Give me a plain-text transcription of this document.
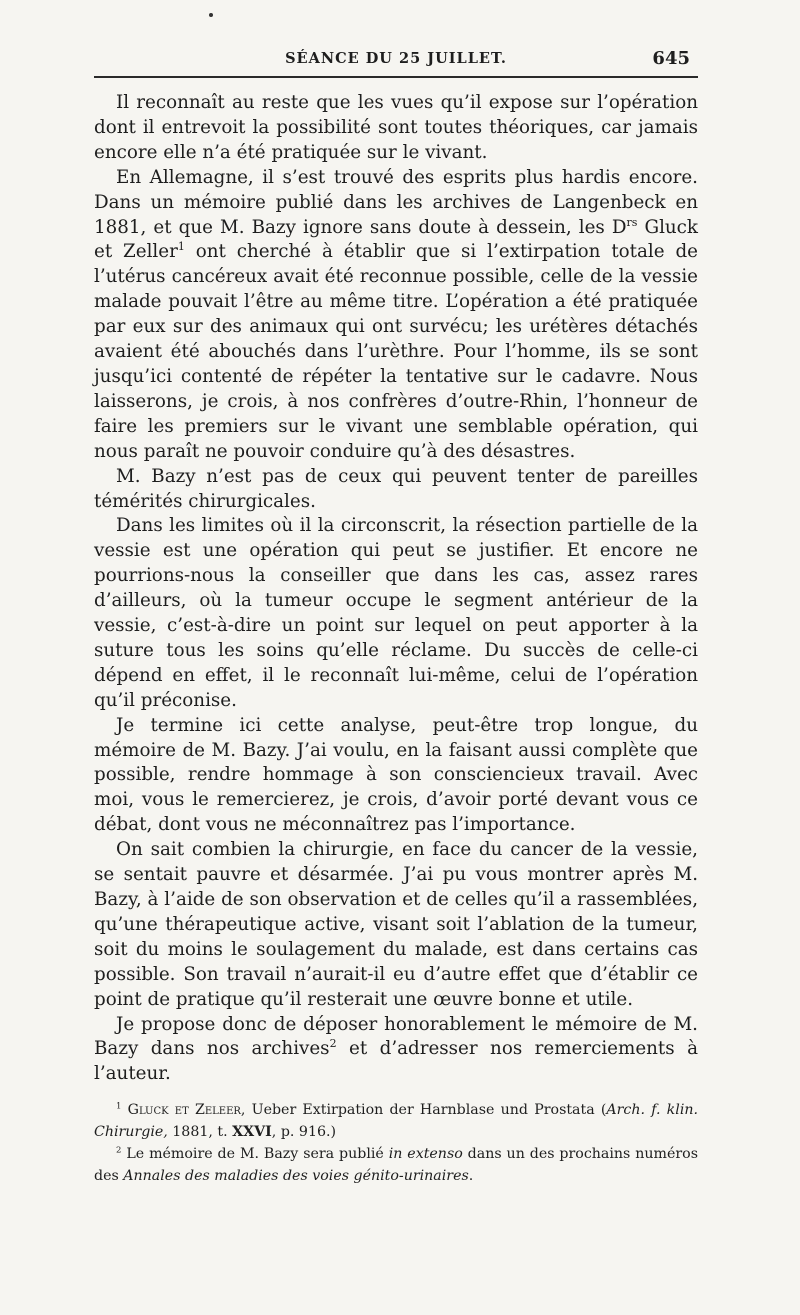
SÉANCE DU 25 JUILLET.	645

Il reconnaît au reste que les vues qu’il expose sur l’opération dont il entrevoit la possibilité sont toutes théoriques, car jamais encore elle n’a été pratiquée sur le vivant.

En Allemagne, il s’est trouvé des esprits plus hardis encore. Dans un mémoire publié dans les archives de Langenbeck en 1881, et que M. Bazy ignore sans doute à dessein, les $D^{rs}$ Gluck et Zeller$^1$ ont cherché à établir que si l’extirpation totale de l’utérus cancéreux avait été reconnue possible, celle de la vessie malade pouvait l’être au même titre. L’opération a été pratiquée par eux sur des animaux qui ont survécu; les urétères détachés avaient été abouchés dans l’urèthre. Pour l’homme, ils se sont jusqu’ici contenté de répéter la tentative sur le cadavre. Nous laisserons, je crois, à nos confrères d’outre-Rhin, l’honneur de faire les premiers sur le vivant une semblable opération, qui nous paraît ne pouvoir conduire qu’à des désastres.

M. Bazy n’est pas de ceux qui peuvent tenter de pareilles témérités chirurgicales.

Dans les limites où il la circonscrit, la résection partielle de la vessie est une opération qui peut se justifier. Et encore ne pourrions-nous la conseiller que dans les cas, assez rares d’ailleurs, où la tumeur occupe le segment antérieur de la vessie, c’est-à-dire un point sur lequel on peut apporter à la suture tous les soins qu’elle réclame. Du succès de celle-ci dépend en effet, il le reconnaît lui-même, celui de l’opération qu’il préconise.

Je termine ici cette analyse, peut-être trop longue, du mémoire de M. Bazy. J’ai voulu, en la faisant aussi complète que possible, rendre hommage à son consciencieux travail. Avec moi, vous le remercierez, je crois, d’avoir porté devant vous ce débat, dont vous ne méconnaîtrez pas l’importance.

On sait combien la chirurgie, en face du cancer de la vessie, se sentait pauvre et désarmée. J’ai pu vous montrer après M. Bazy, à l’aide de son observation et de celles qu’il a rassemblées, qu’une thérapeutique active, visant soit l’ablation de la tumeur, soit du moins le soulagement du malade, est dans certains cas possible. Son travail n’aurait-il eu d’autre effet que d’établir ce point de pratique qu’il resterait une œuvre bonne et utile.

Je propose donc de déposer honorablement le mémoire de M. Bazy dans nos archives$^2$ et d’adresser nos remerciements à l’auteur.

$^1$ Gluck et Zeleer, Ueber Extirpation der Harnblase und Prostata (Arch. f. klin. Chirurgie, 1881, t. XXVI, p. 916.)

$^2$ Le mémoire de M. Bazy sera publié in extenso dans un des prochains numéros des Annales des maladies des voies génito-urinaires.
